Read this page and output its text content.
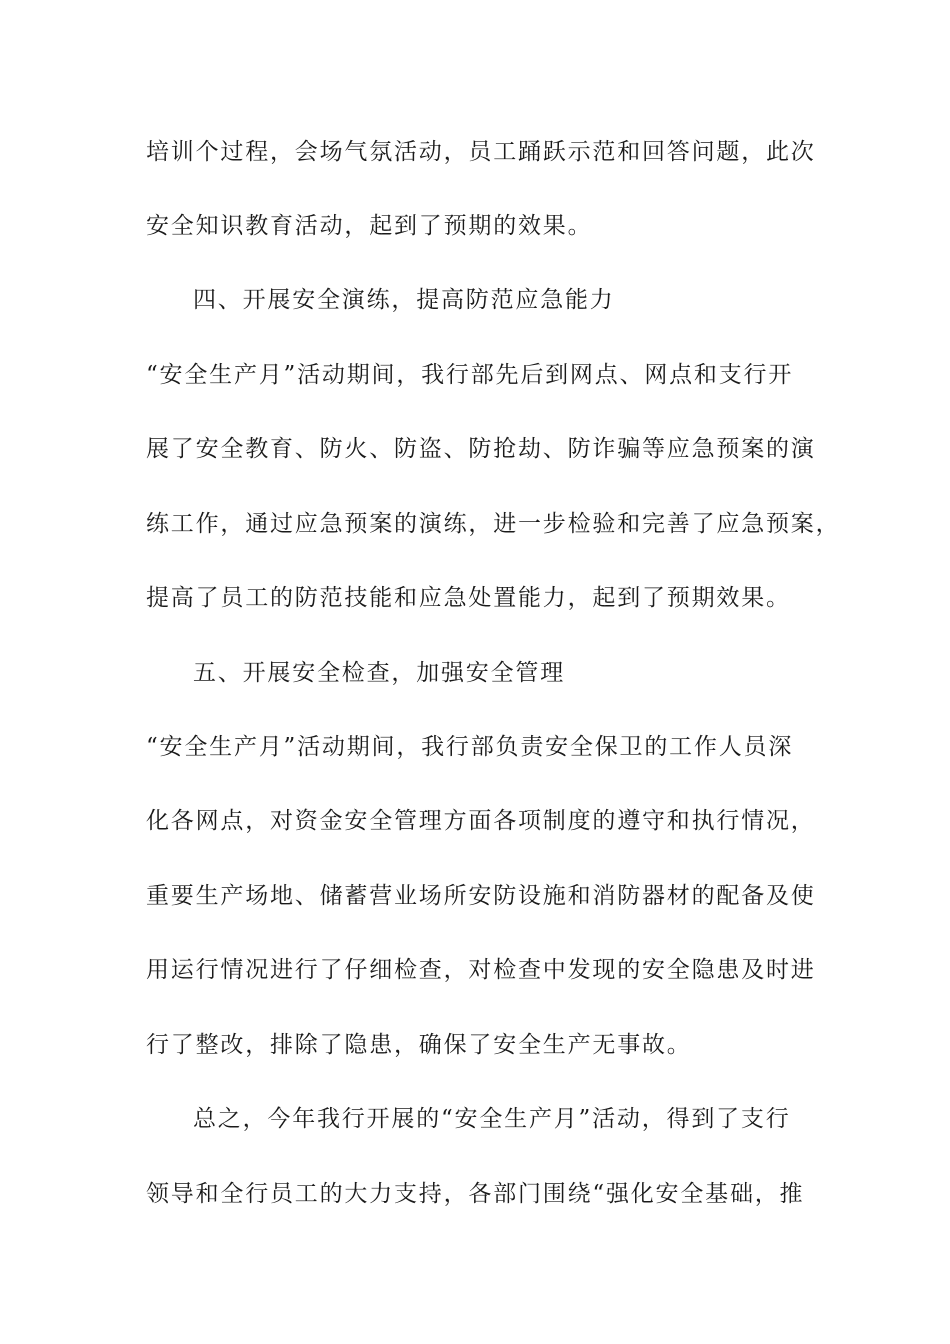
培训个过程，会场气氛活动，员工踊跃示范和回答问题，此次
安全知识教育活动，起到了预期的效果。
四、开展安全演练，提高防范应急能力
“安全生产月”活动期间，我行部先后到网点、网点和支行开
展了安全教育、防火、防盗、防抢劫、防诈骗等应急预案的演
练工作，通过应急预案的演练，进一步检验和完善了应急预案，
提高了员工的防范技能和应急处置能力，起到了预期效果。
五、开展安全检查，加强安全管理
“安全生产月”活动期间，我行部负责安全保卫的工作人员深
化各网点，对资金安全管理方面各项制度的遵守和执行情况，
重要生产场地、储蓄营业场所安防设施和消防器材的配备及使
用运行情况进行了仔细检查，对检查中发现的安全隐患及时进
行了整改，排除了隐患，确保了安全生产无事故。
总之，今年我行开展的“安全生产月”活动，得到了支行
领导和全行员工的大力支持，各部门围绕“强化安全基础，推
